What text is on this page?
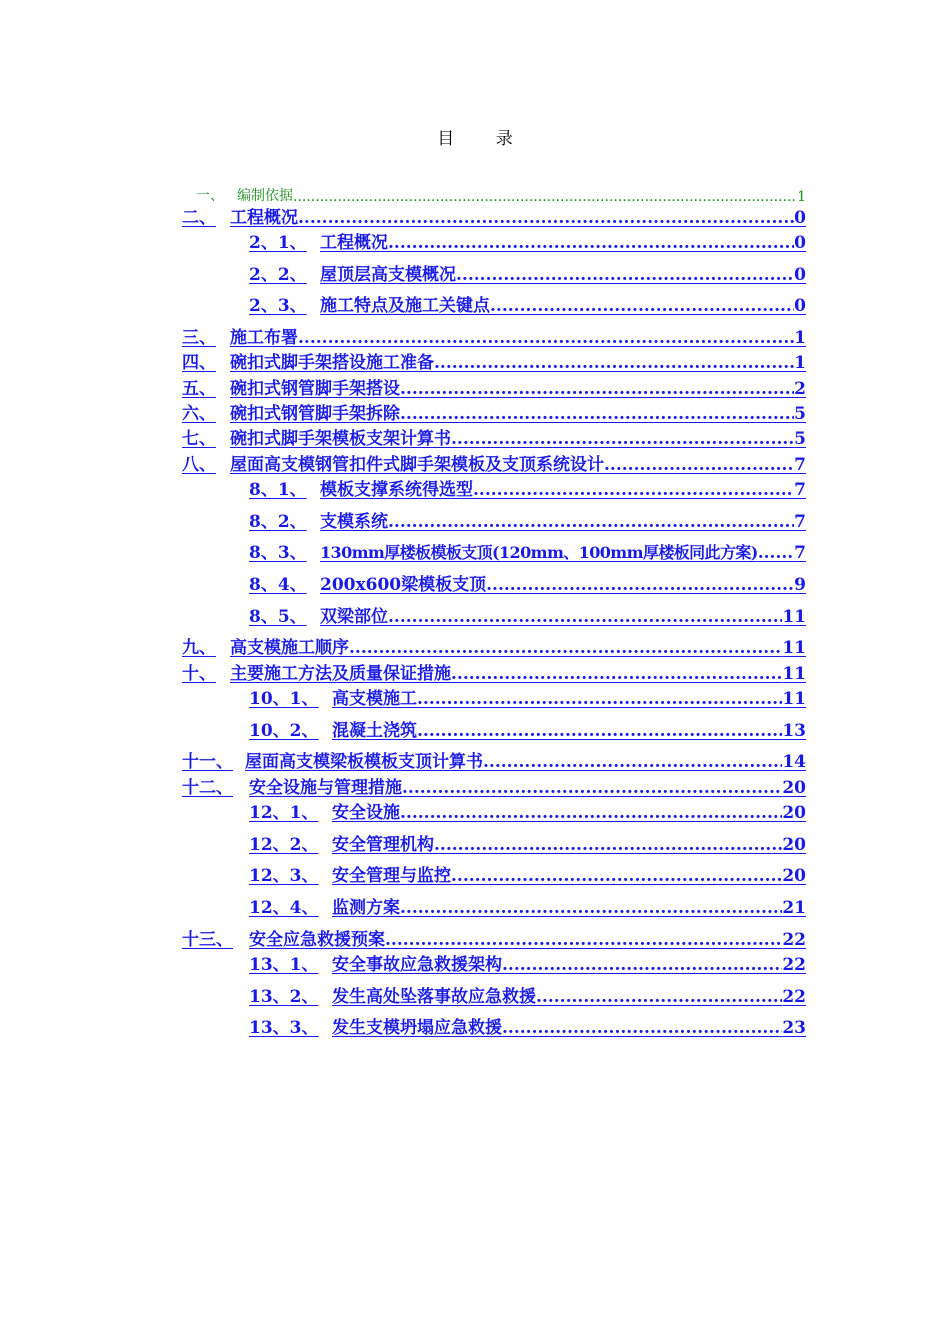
目 录
一、 编制依据 .....	1
二、 工程概况 .....	0
2、1、 工程概况 .....	0
2、2、 屋顶层高支模概况 .....	0
2、3、 施工特点及施工关键点 .....	0
三、 施工布署 .....	1
四、 碗扣式脚手架搭设施工准备 .....	1
五、 碗扣式钢管脚手架搭设 .....	2
六、 碗扣式钢管脚手架拆除 .....	5
七、 碗扣式脚手架模板支架计算书 .....	5
八、 屋面高支模钢管扣件式脚手架模板及支顶系统设计 .....	7
8、1、 模板支撑系统得选型 .....	7
8、2、 支模系统 .....	7
8、3、 130mm厚楼板模板支顶(120mm、100mm厚楼板同此方案) ..... 7
8、4、 200x600梁模板支顶 .....	9
8、5、 双梁部位 .....	11
九、 高支模施工顺序 .....	11
十、 主要施工方法及质量保证措施 .....	11
10、1、 高支模施工 .....	11
10、2、 混凝土浇筑 .....	13
十一、 屋面高支模梁板模板支顶计算书 .....	14
十二、 安全设施与管理措施 .....	20
12、1、 安全设施 .....	20
12、2、 安全管理机构 .....	20
12、3、 安全管理与监控 .....	20
12、4、 监测方案 .....	21
十三、 安全应急救援预案 .....	22
13、1、 安全事故应急救援架构 .....	22
13、2、 发生高处坠落事故应急救援 .....	22
13、3、 发生支模坍塌应急救援 .....	23
